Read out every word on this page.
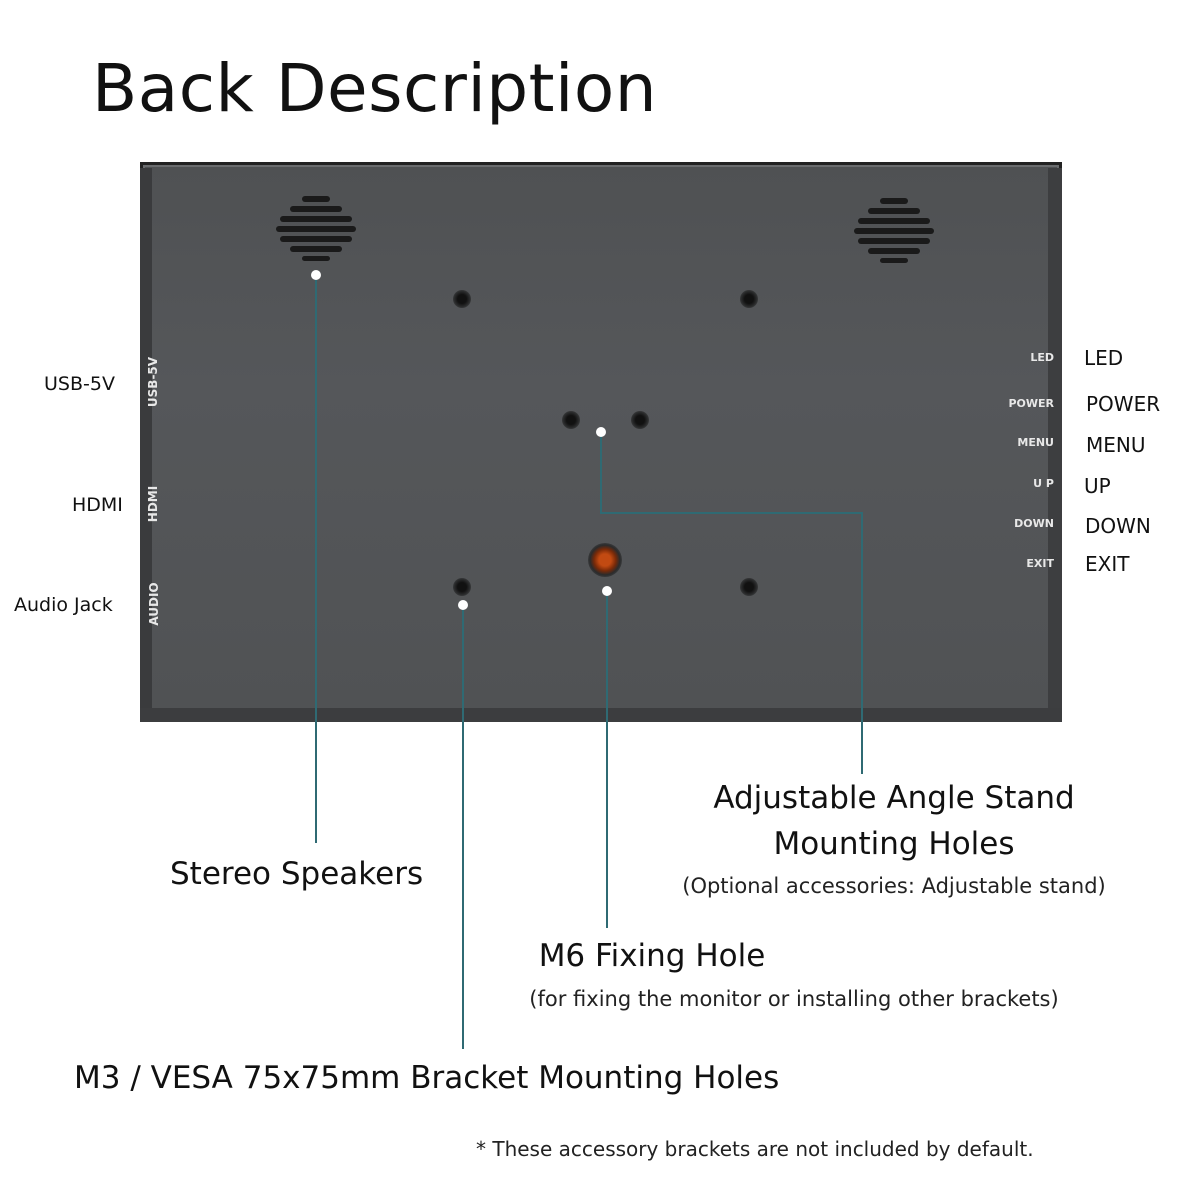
Back Description
USB-5V
HDMI
AUDIO
USB-5V
HDMI
Audio Jack
LED
POWER
MENU
U P
DOWN
EXIT
LED
POWER
MENU
UP
DOWN
EXIT
Adjustable Angle Stand
Mounting Holes
(Optional accessories: Adjustable stand)
Stereo Speakers
M6 Fixing Hole
(for fixing the monitor or installing other brackets)
M3 / VESA 75x75mm Bracket Mounting Holes
* These accessory brackets are not included by default.
